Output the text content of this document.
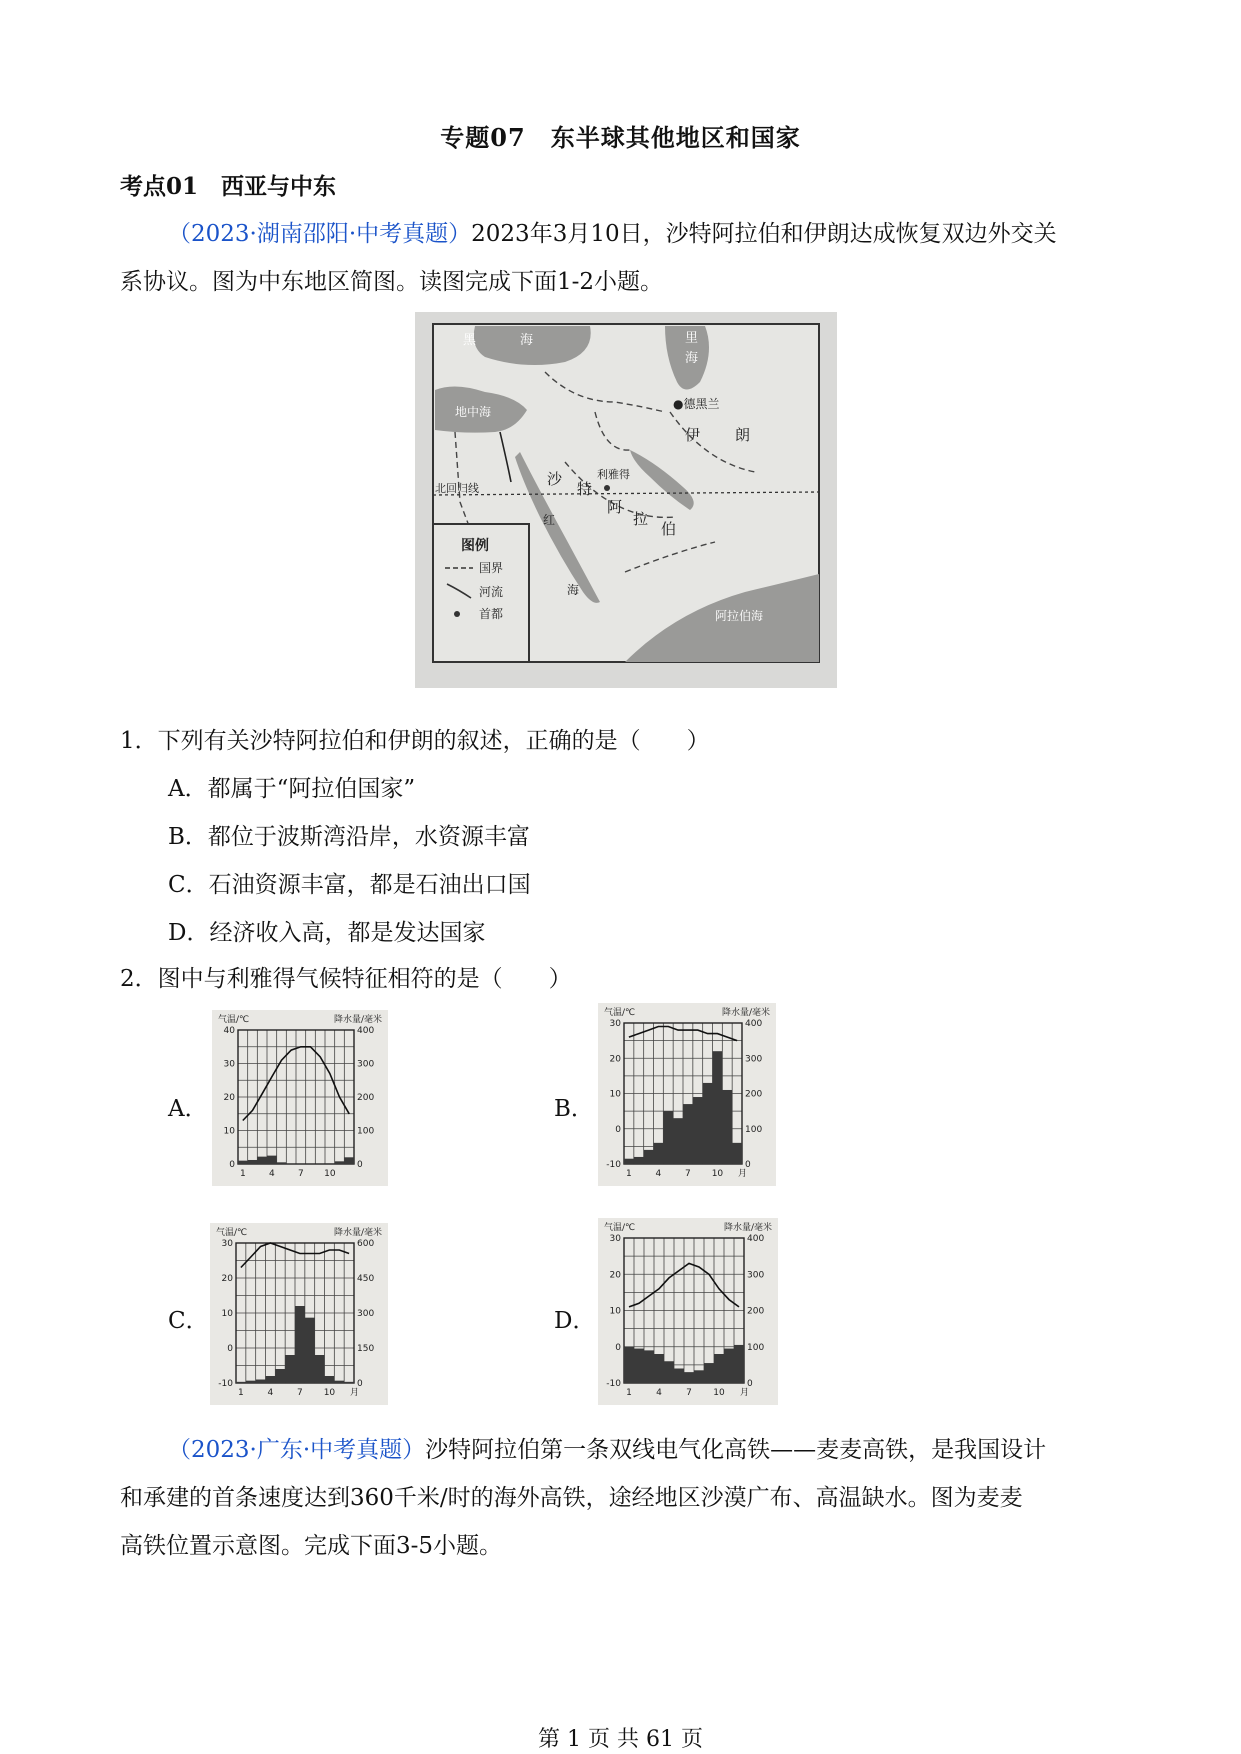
专题07　东半球其他地区和国家
考点01　西亚与中东
（2023·湖南邵阳·中考真题）2023年3月10日，沙特阿拉伯和伊朗达成恢复双边外交关
系协议。图为中东地区简图。读图完成下面1-2小题。
黑	海	里
海
地中海
●德黑兰
伊 朗
利雅得
沙
特
阿
拉
伯
北回归线
红
海
阿拉伯海
图例
国界
河流
首都
1．下列有关沙特阿拉伯和伊朗的叙述，正确的是（　　）
A．都属于“阿拉伯国家”
B．都位于波斯湾沿岸，水资源丰富
C．石油资源丰富，都是石油出口国
D．经济收入高，都是发达国家
2．图中与利雅得气候特征相符的是（　　）
A．	B．
C．	D．
气温/℃	降水量/毫米
40
30
20
10
0
400
300
200
100
0
1	4	7 10
气温/℃	降水量/毫米
30
20
10
0
-10
400
300
200
100
0
1	4	7 10 月
气温/℃	降水量/毫米
30
20
10
0
-10
600
450
300
150
0
1	4	7 10 月
气温/℃	降水量/毫米
30
20
10
0
-10
400
300
200
100
0
1	4	7 10 月
（2023·广东·中考真题）沙特阿拉伯第一条双线电气化高铁——麦麦高铁，是我国设计
和承建的首条速度达到360千米/时的海外高铁，途经地区沙漠广布、高温缺水。图为麦麦
高铁位置示意图。完成下面3-5小题。
第 1 页 共 61 页
